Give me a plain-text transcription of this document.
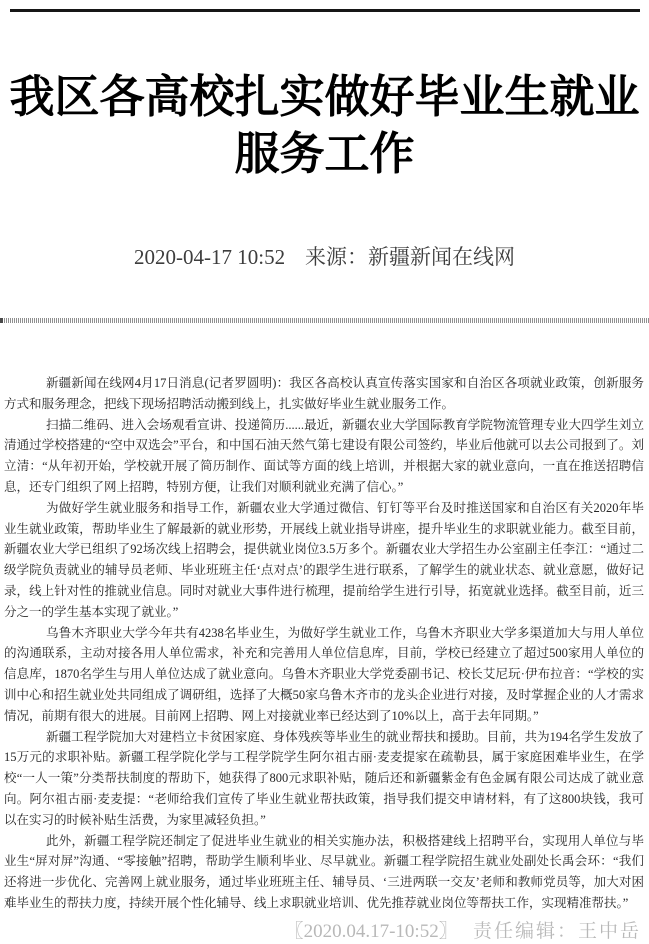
我区各高校扎实做好毕业生就业服务工作
2020-04-17 10:52 来源：新疆新闻在线网

新疆新闻在线网4月17日消息(记者罗圆明)：我区各高校认真宣传落实国家和自治区各项就业政策，创新服务方式和服务理念，把线下现场招聘活动搬到线上，扎实做好毕业生就业服务工作。

扫描二维码、进入会场观看宣讲、投递简历......最近，新疆农业大学国际教育学院物流管理专业大四学生刘立清通过学校搭建的“空中双选会”平台，和中国石油天然气第七建设有限公司签约，毕业后他就可以去公司报到了。刘立清：“从年初开始，学校就开展了简历制作、面试等方面的线上培训，并根据大家的就业意向，一直在推送招聘信息，还专门组织了网上招聘，特别方便，让我们对顺利就业充满了信心。”

为做好学生就业服务和指导工作，新疆农业大学通过微信、钉钉等平台及时推送国家和自治区有关2020年毕业生就业政策，帮助毕业生了解最新的就业形势，开展线上就业指导讲座，提升毕业生的求职就业能力。截至目前，新疆农业大学已组织了92场次线上招聘会，提供就业岗位3.5万多个。新疆农业大学招生办公室副主任李江：“通过二级学院负责就业的辅导员老师、毕业班班主任‘点对点’的跟学生进行联系，了解学生的就业状态、就业意愿，做好记录，线上针对性的推就业信息。同时对就业大事件进行梳理，提前给学生进行引导，拓宽就业选择。截至目前，近三分之一的学生基本实现了就业。”

乌鲁木齐职业大学今年共有4238名毕业生，为做好学生就业工作，乌鲁木齐职业大学多渠道加大与用人单位的沟通联系，主动对接各用人单位需求，补充和完善用人单位信息库，目前，学校已经建立了超过500家用人单位的信息库，1870名学生与用人单位达成了就业意向。乌鲁木齐职业大学党委副书记、校长艾尼玩·伊布拉音：“学校的实训中心和招生就业处共同组成了调研组，选择了大概50家乌鲁木齐市的龙头企业进行对接，及时掌握企业的人才需求情况，前期有很大的进展。目前网上招聘、网上对接就业率已经达到了10%以上，高于去年同期。”

新疆工程学院加大对建档立卡贫困家庭、身体残疾等毕业生的就业帮扶和援助。目前，共为194名学生发放了15万元的求职补贴。新疆工程学院化学与工程学院学生阿尔祖古丽·麦麦提家在疏勒县，属于家庭困难毕业生，在学校“一人一策”分类帮扶制度的帮助下，她获得了800元求职补贴，随后还和新疆紫金有色金属有限公司达成了就业意向。阿尔祖古丽·麦麦提：“老师给我们宣传了毕业生就业帮扶政策，指导我们提交申请材料，有了这800块钱，我可以在实习的时候补贴生活费，为家里减轻负担。”

此外，新疆工程学院还制定了促进毕业生就业的相关实施办法，积极搭建线上招聘平台，实现用人单位与毕业生“屏对屏”沟通、“零接触”招聘，帮助学生顺利毕业、尽早就业。新疆工程学院招生就业处副处长禹会环：“我们还将进一步优化、完善网上就业服务，通过毕业班班主任、辅导员、‘三进两联一交友’老师和教师党员等，加大对困难毕业生的帮扶力度，持续开展个性化辅导、线上求职就业培训、优先推荐就业岗位等帮扶工作，实现精准帮扶。”

〖2020.04.17-10:52〗 责任编辑：王中岳
